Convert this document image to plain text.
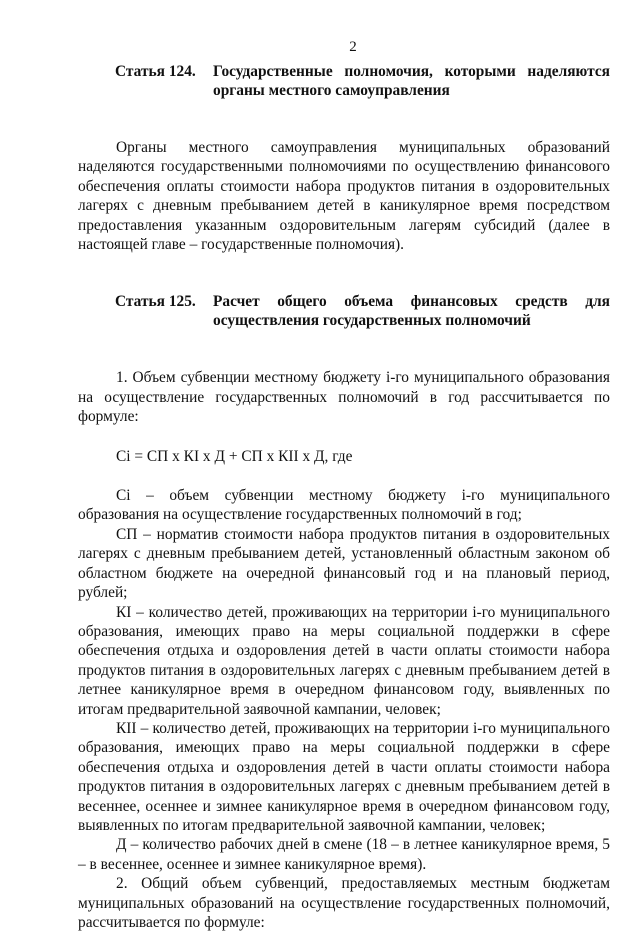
2
Статья 124.	Государственные полномочия, которыми наделяются органы местного самоуправления

Органы местного самоуправления муниципальных образований наделяются государственными полномочиями по осуществлению финансового обеспечения оплаты стоимости набора продуктов питания в оздоровительных лагерях с дневным пребыванием детей в каникулярное время посредством предоставления указанным оздоровительным лагерям субсидий (далее в настоящей главе – государственные полномочия).

Статья 125.	Расчет общего объема финансовых средств для осуществления государственных полномочий

1. Объем субвенции местному бюджету i-го муниципального образования на осуществление государственных полномочий в год рассчитывается по формуле:

Ci = СП х КI х Д + СП х КII х Д, где

Ci – объем субвенции местному бюджету i-го муниципального образования на осуществление государственных полномочий в год;

СП – норматив стоимости набора продуктов питания в оздоровительных лагерях с дневным пребыванием детей, установленный областным законом об областном бюджете на очередной финансовый год и на плановый период, рублей;

КI – количество детей, проживающих на территории i-го муниципального образования, имеющих право на меры социальной поддержки в сфере обеспечения отдыха и оздоровления детей в части оплаты стоимости набора продуктов питания в оздоровительных лагерях с дневным пребыванием детей в летнее каникулярное время в очередном финансовом году, выявленных по итогам предварительной заявочной кампании, человек;

КII – количество детей, проживающих на территории i-го муниципального образования, имеющих право на меры социальной поддержки в сфере обеспечения отдыха и оздоровления детей в части оплаты стоимости набора продуктов питания в оздоровительных лагерях с дневным пребыванием детей в весеннее, осеннее и зимнее каникулярное время в очередном финансовом году, выявленных по итогам предварительной заявочной кампании, человек;

Д – количество рабочих дней в смене (18 – в летнее каникулярное время, 5 – в весеннее, осеннее и зимнее каникулярное время).

2. Общий объем субвенций, предоставляемых местным бюджетам муниципальных образований на осуществление государственных полномочий, рассчитывается по формуле:
